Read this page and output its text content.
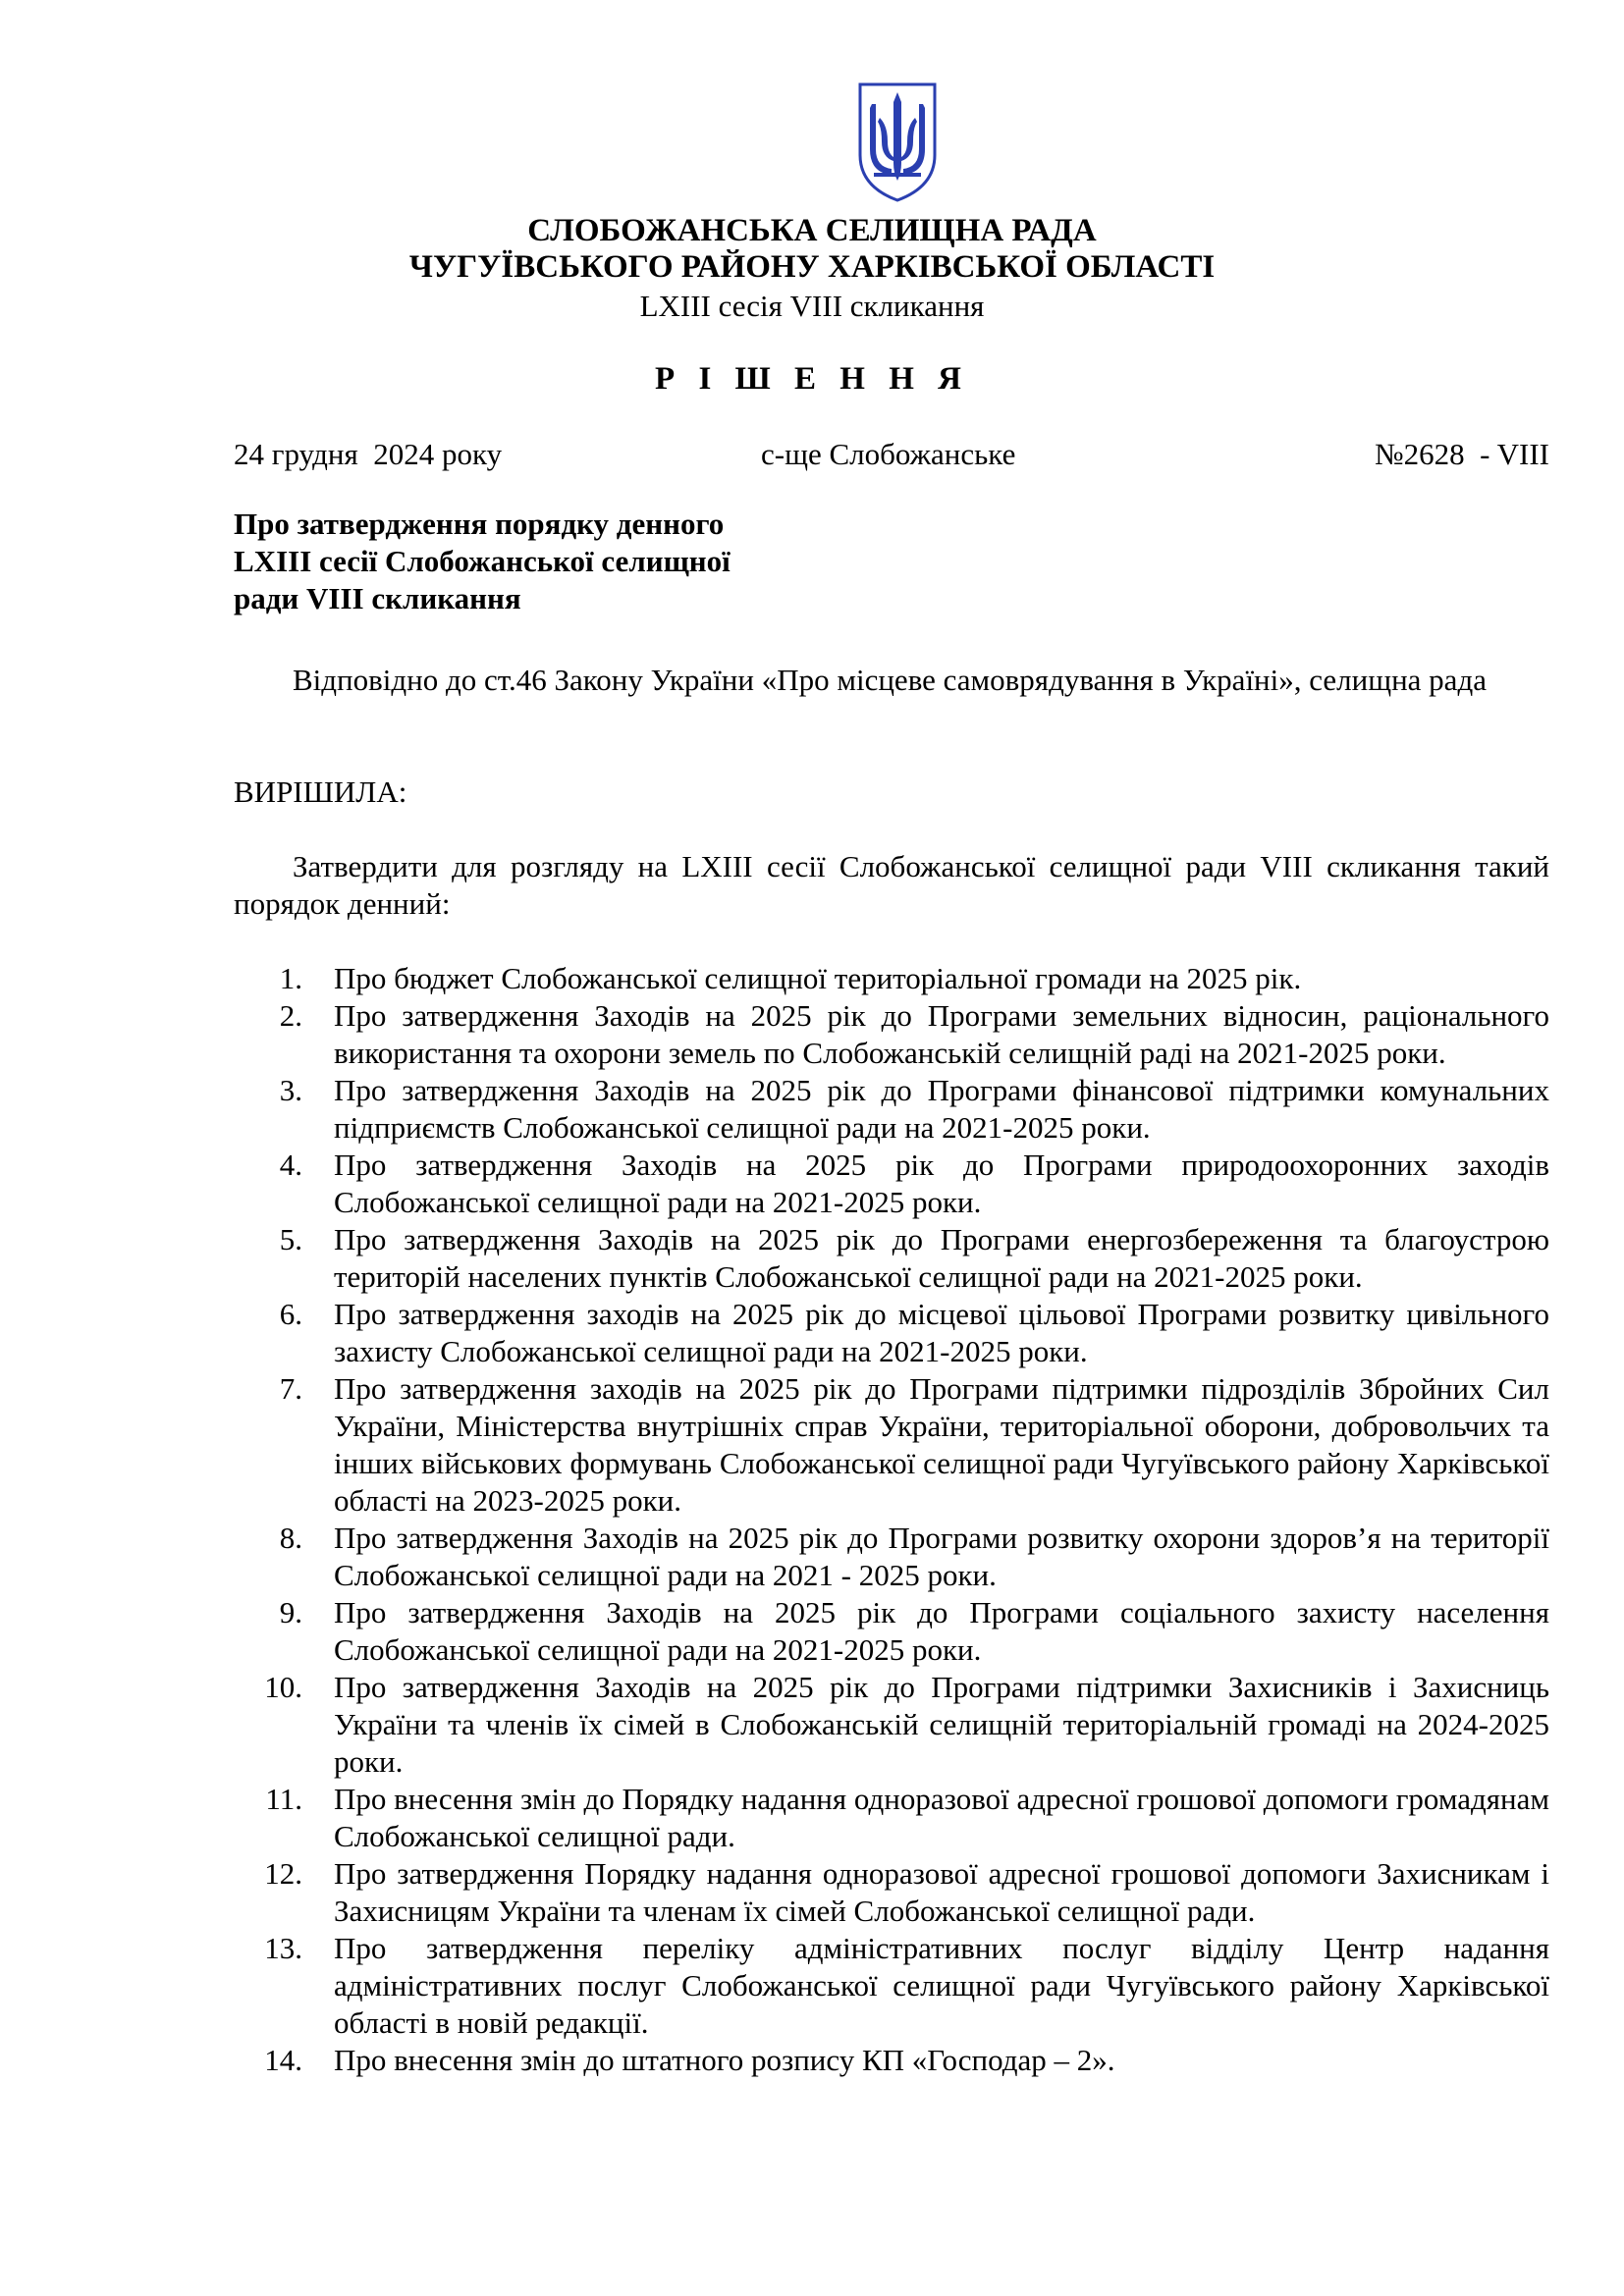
СЛОБОЖАНСЬКА СЕЛИЩНА РАДА
ЧУГУЇВСЬКОГО РАЙОНУ ХАРКІВСЬКОЇ ОБЛАСТІ
LXIII сесія VIII скликання
Р І Ш Е Н Н Я
24 грудня  2024 року	с-ще Слобожанське	№2628  - VIII
Про затвердження порядку денного
LXIII сесії Слобожанської селищної
ради VIII скликання
Відповідно до ст.46 Закону України «Про місцеве самоврядування в Україні», селищна рада
ВИРІШИЛА:
Затвердити для розгляду на LXIII сесії Слобожанської селищної ради VIII скликання такий порядок денний:
1. Про бюджет Слобожанської селищної територіальної громади на 2025 рік.
2. Про затвердження Заходів на 2025 рік до Програми земельних відносин, раціонального використання та охорони земель по Слобожанській селищній раді на 2021-2025 роки.
3. Про затвердження Заходів на 2025 рік до Програми фінансової підтримки комунальних підприємств Слобожанської селищної ради на 2021-2025 роки.
4. Про затвердження Заходів на 2025 рік до Програми природоохоронних заходів Слобожанської селищної ради на 2021-2025 роки.
5. Про затвердження Заходів на 2025 рік до Програми енергозбереження та благоустрою територій населених пунктів Слобожанської селищної ради на 2021-2025 роки.
6. Про затвердження заходів на 2025 рік до місцевої цільової Програми розвитку цивільного захисту Слобожанської селищної ради на 2021-2025 роки.
7. Про затвердження заходів на 2025 рік до Програми підтримки підрозділів Збройних Сил України, Міністерства внутрішніх справ України, територіальної оборони, добровольчих та інших військових формувань Слобожанської селищної ради Чугуївського району Харківської області на 2023-2025 роки.
8. Про затвердження Заходів на 2025 рік до Програми розвитку охорони здоров’я на території Слобожанської селищної ради на 2021 - 2025 роки.
9. Про затвердження Заходів на 2025 рік до Програми соціального захисту населення Слобожанської селищної ради на 2021-2025 роки.
10. Про затвердження Заходів на 2025 рік до Програми підтримки Захисників і Захисниць України та членів їх сімей в Слобожанській селищній територіальній громаді на 2024-2025 роки.
11. Про внесення змін до Порядку надання одноразової адресної грошової допомоги громадянам Слобожанської селищної ради.
12. Про затвердження Порядку надання одноразової адресної грошової допомоги Захисникам і Захисницям України та членам їх сімей Слобожанської селищної ради.
13. Про затвердження переліку адміністративних послуг відділу Центр надання адміністративних послуг Слобожанської селищної ради Чугуївського району Харківської області в новій редакції.
14. Про внесення змін до штатного розпису КП «Господар – 2».
